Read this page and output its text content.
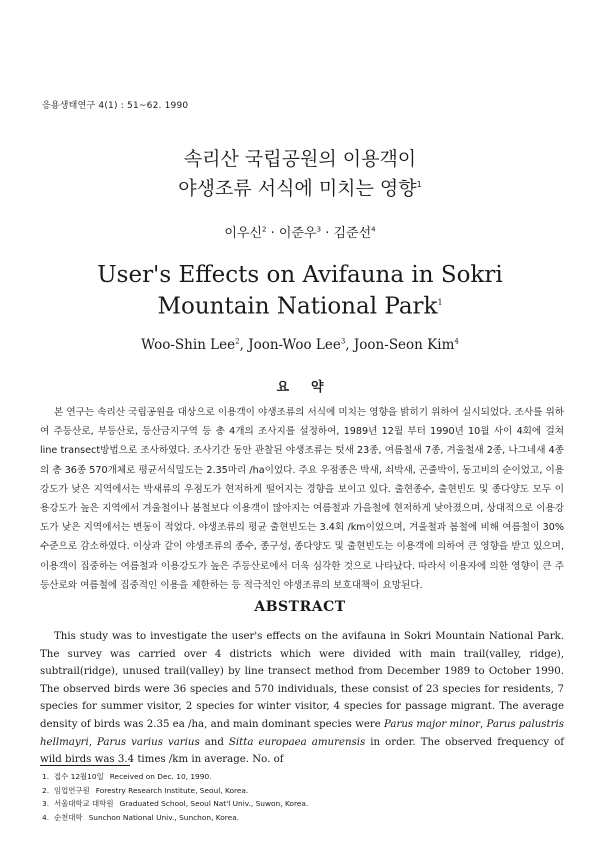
응용생태연구 4(1) : 51~62. 1990
속리산 국립공원의 이용객이
야생조류 서식에 미치는 영향$^1$
이우신$^2$ · 이준우$^3$ · 김준선$^4$
User's Effects on Avifauna in Sokri
Mountain National Park$^1$
Woo-Shin Lee$^2$, Joon-Woo Lee$^3$, Joon-Seon Kim$^4$
요약
본 연구는 속리산 국립공원을 대상으로 이용객이 야생조류의 서식에 미치는 영향을 밝히기 위하여 실시되었다. 조사를 위하여 주등산로, 부등산로, 등산금지구역 등 총 4개의 조사지를 설정하여, 1989년 12월 부터 1990년 10월 사이 4회에 걸쳐 line transect방법으로 조사하였다. 조사기간 동안 관찰된 야생조류는 텃새 23종, 여름철새 7종, 겨울철새 2종, 나그네새 4종의 총 36종 570개체로 평균서식밀도는 2.35마리 /ha이었다. 주요 우점종은 박새, 쇠박새, 곤줄박이, 동고비의 순이었고, 이용강도가 낮은 지역에서는 박새류의 우점도가 현저하게 떨어지는 경향을 보이고 있다. 출현종수, 출현빈도 및 종다양도 모두 이용강도가 높은 지역에서 겨울철이나 봄철보다 이용객이 많아지는 여름철과 가을철에 현저하게 낮아졌으며, 상대적으로 이용강도가 낮은 지역에서는 변동이 적었다. 야생조류의 평균 출현빈도는 3.4회 /km이었으며, 겨울철과 봄철에 비해 여름철이 30% 수준으로 감소하였다. 이상과 같이 야생조류의 종수, 종구성, 종다양도 및 출현빈도는 이용객에 의하여 큰 영향을 받고 있으며, 이용객이 집중하는 여름철과 이용강도가 높은 주등산로에서 더욱 심각한 것으로 나타났다. 따라서 이용자에 의한 영향이 큰 주등산로와 여름철에 집중적인 이용을 제한하는 등 적극적인 야생조류의 보호대책이 요망된다.
ABSTRACT
This study was to investigate the user's effects on the avifauna in Sokri Mountain National Park. The survey was carried over 4 districts which were divided with main trail(valley, ridge), subtrail(ridge), unused trail(valley) by line transect method from December 1989 to October 1990. The observed birds were 36 species and 570 individuals, these consist of 23 species for residents, 7 species for summer visitor, 2 species for winter visitor, 4 species for passage migrant. The average density of birds was 2.35 ea /ha, and main dominant species were Parus major minor, Parus palustris hellmayri, Parus varius varius and Sitta europaea amurensis in order. The observed frequency of wild birds was 3.4 times /km in average. No. of
1. 접수 12월10일 Received on Dec. 10, 1990.
2. 임업연구원 Forestry Research Institute, Seoul, Korea.
3. 서울대학교 대학원 Graduated School, Seoul Nat'l Univ., Suwon, Korea.
4. 순천대학 Sunchon National Univ., Sunchon, Korea.
